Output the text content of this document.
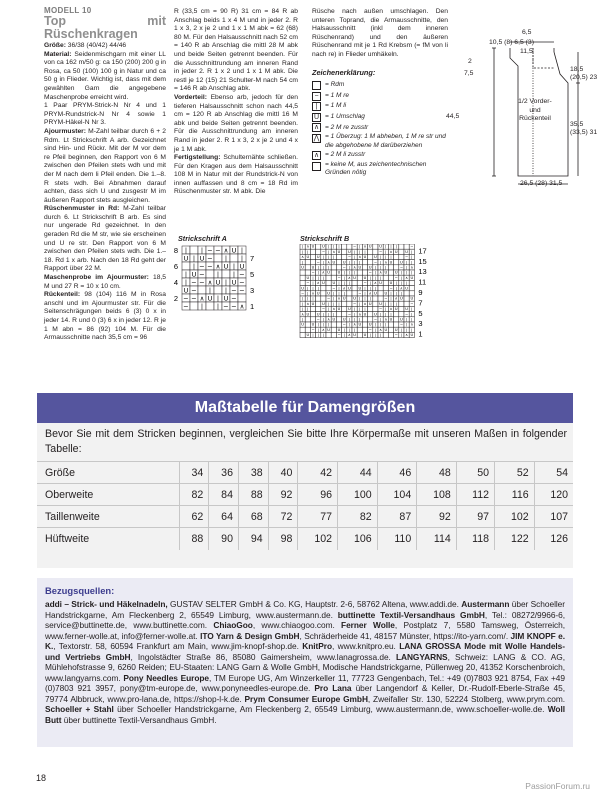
MODELL 10
Top mit Rüschenkragen

Größe: 36/38 (40/42) 44/46

Material: Seidenmischgarn mit einer LL von ca 162 m/50 g: ca 150 (200) 200 g in Rosa, ca 50 (100) 100 g in Natur und ca 50 g in Flieder. Wichtig ist, dass mit dem gewählten Garn die angegebene Maschenprobe erreicht wird.

1 Paar PRYM-Strick-N Nr 4 und 1 PRYM-Rundstrick-N Nr 4 sowie 1 PRYM-Häkel-N Nr 3.

Ajourmuster: M-Zahl teilbar durch 6 + 2 Rdm. Lt Strickschrift A arb. Gezeichnet sind Hin- und Rückr. Mit der M vor dem re Pfeil beginnen, den Rapport von 6 M zwischen den Pfeilen stets wdh und mit der M nach dem li Pfeil enden. Die 1.–8. R stets wdh. Bei Abnahmen darauf achten, dass sich U und zusgestr M im äußeren Rapport stets ausgleichen.

Rüschenmuster in Rd: M-Zahl teilbar durch 6. Lt Strickschrift B arb. Es sind nur ungerade Rd gezeichnet. In den geraden Rd die M str, wie sie erscheinen und U re str. Den Rapport von 6 M zwischen den Pfeilen stets wdh. Die 1.–18. Rd 1 x arb. Nach den 18 Rd geht der Rapport über 22 M.

Maschenprobe im Ajourmuster: 18,5 M und 27 R = 10 x 10 cm.

Rückenteil: 98 (104) 116 M in Rosa anschl und im Ajourmuster str. Für die Seitenschrägungen beids 6 (3) 0 x in jeder 14. R und 0 (3) 6 x in jeder 12. R je 1 M abn = 86 (92) 104 M. Für die Armausschnitte nach 35,5 cm = 96

R (33,5 cm = 90 R) 31 cm = 84 R ab Anschlag beids 1 x 4 M und in jeder 2. R 1 x 3, 2 x je 2 und 1 x 1 M abk = 62 (68) 80 M. Für den Halsausschnitt nach 52 cm = 140 R ab Anschlag die mittl 28 M abk und beide Seiten getrennt beenden. Für die Ausschnittrundung am inneren Rand in jeder 2. R 1 x 2 und 1 x 1 M abk. Die restl je 12 (15) 21 Schulter-M nach 54 cm = 146 R ab Anschlag abk.

Vorderteil: Ebenso arb, jedoch für den tieferen Halsausschnitt schon nach 44,5 cm = 120 R ab Anschlag die mittl 16 M abk und beide Seiten getrennt beenden. Für die Ausschnittrundung am inneren Rand in jeder 2. R 1 x 3, 2 x je 2 und 4 x je 1 M abk.

Fertigstellung: Schulternähte schließen. Für den Kragen aus dem Halsausschnitt 108 M in Natur mit der Rundstrick-N von innen auffassen und 8 cm = 18 Rd im Rüschenmuster str. M abk. Die

Rüsche nach außen umschlagen. Den unteren Toprand, die Armausschnitte, den Halsausschnitt (inkl dem inneren Rüschenrand) und den äußeren Rüschenrand mit je 1 Rd Krebsm (= fM von li nach re) in Flieder umhäkeln.

Zeichenerklärung:
= Rdm
− = 1 M re
|	= 1 M li
U = 1 Umschlag
∧ = 2 M re zusstr
⋀ = 1 Überzug: 1 M abheben, 1 M re str und die abgehobene M darüberziehen
∧ = 2 M li zusstr
= keine M, aus zeichentechnischen Gründen nötig
6,5
10,5 (8) 6,5 (3)
11,5
2
7,5
44,5
18,5 (20,5) 23
1/2 Vorder- und Rückenteil
35,5 (33,5) 31
26,5 (28) 31,5
Strickschrift A
| | − − ∧ U |
U | U − | |
| − − ∧ U | U
| U − | | −
| − − ∧ U | U −
U − | | − −
− − ∧ U | U −
− | | − − ∧
8
6
4
2
7
5
3
1
Strickschrift B
| ∧ U U | | |	− | ∧ U U | | |	−
| |	− | ∧ U U | | |	− | ∧ U U |
∧ U U | | |	− | ∧ U U | | |	− |
|	− | ∧ U U | | |	− | ∧ U U | |
U U | | |	− | ∧ U U | | |	− | ∧
− | ∧ U U | | |	− | ∧ U U | | |
U | | |	− | ∧ U U | | |	− | ∧ U
− | ∧ U U | | |	− | ∧ U U | | |
U | | |	− | ∧ U U | | |	− | ∧ U
− | ∧ U U | | |	− | ∧ U U | | |
| | |	− | ∧ U U | | |	− | ∧ U U
| ∧ U U | | |	− | ∧ U U | | |	−
| |	− | ∧ U U | | |	− | ∧ U U |
∧ U U | | |	− | ∧ U U | | |	− |
|	− | ∧ U U | | |	− | ∧ U U | |
U U | | |	− | ∧ U U | | |	− | ∧
− | ∧ U U | | |	− | ∧ U U | | |
U | | |	− | ∧ U U | | |	− | ∧ U
17
15
13
11
9
7
5
3
1
Maßtabelle für Damengrößen
Bevor Sie mit dem Stricken beginnen, vergleichen Sie bitte Ihre Körpermaße mit unseren Maßen in folgender Tabelle:
Größe	34	36	38	40	42	44	46	48	50	52	54
Oberweite	82	84	88	92	96	100	104	108	112	116	120
Taillenweite	62	64	68	72	77	82	87	92	97	102	107
Hüftweite	88	90	94	98	102	106	110	114	118	122	126
Bezugsquellen:
addi – Strick- und Häkelnadeln, GUSTAV SELTER GmbH & Co. KG, Hauptstr. 2-6, 58762 Altena, www.addi.de. Austermann über Schoeller Handstrickgarne, Am Fleckenberg 2, 65549 Limburg, www.austermann.de. buttinette Textil-Versandhaus GmbH, Tel.: 08272/9966-6, service@buttinette.de, www.buttinette.com. ChiaoGoo, www.chiaogoo.com. Ferner Wolle, Postplatz 7, 5580 Tamsweg, Österreich, www.ferner-wolle.at, info@ferner-wolle.at. ITO Yarn & Design GmbH, Schräderheide 41, 48157 Münster, https://ito-yarn.com/. JIM KNOPF e. K., Textorstr. 58, 60594 Frankfurt am Main, www.jim-knopf-shop.de. KnitPro, www.knitpro.eu. LANA GROSSA Mode mit Wolle Handels- und Vertriebs GmbH, Ingolstädter Straße 86, 85080 Gaimersheim, www.lanagrossa.de. LANGYARNS, Schweiz: LANG & CO. AG, Mühlehofstrasse 9, 6260 Reiden; EU-Staaten: LANG Garn & Wolle GmbH, Modische Handstrickgarne, Püllenweg 20, 41352 Korschenbroich, www.langyarns.com. Pony Needles Europe, TM Europe UG, Am Winzerkeller 11, 77723 Gengenbach, Tel.: +49 (0)7803 921 8754, Fax +49 (0)7803 921 3957, pony@tm-europe.de, www.ponyneedles-europe.de. Pro Lana über Langendorf & Keller, Dr.-Rudolf-Eberle-Straße 45, 79774 Albbruck, www.pro-lana.de, https://shop-l-k.de. Prym Consumer Europe GmbH, Zweifaller Str. 130, 52224 Stolberg, www.prym.com. Schoeller + Stahl über Schoeller Handstrickgarne, Am Fleckenberg 2, 65549 Limburg, www.austermann.de, www.schoeller-wolle.de. Woll Butt über buttinette Textil-Versandhaus GmbH.
18
PassionForum.ru
